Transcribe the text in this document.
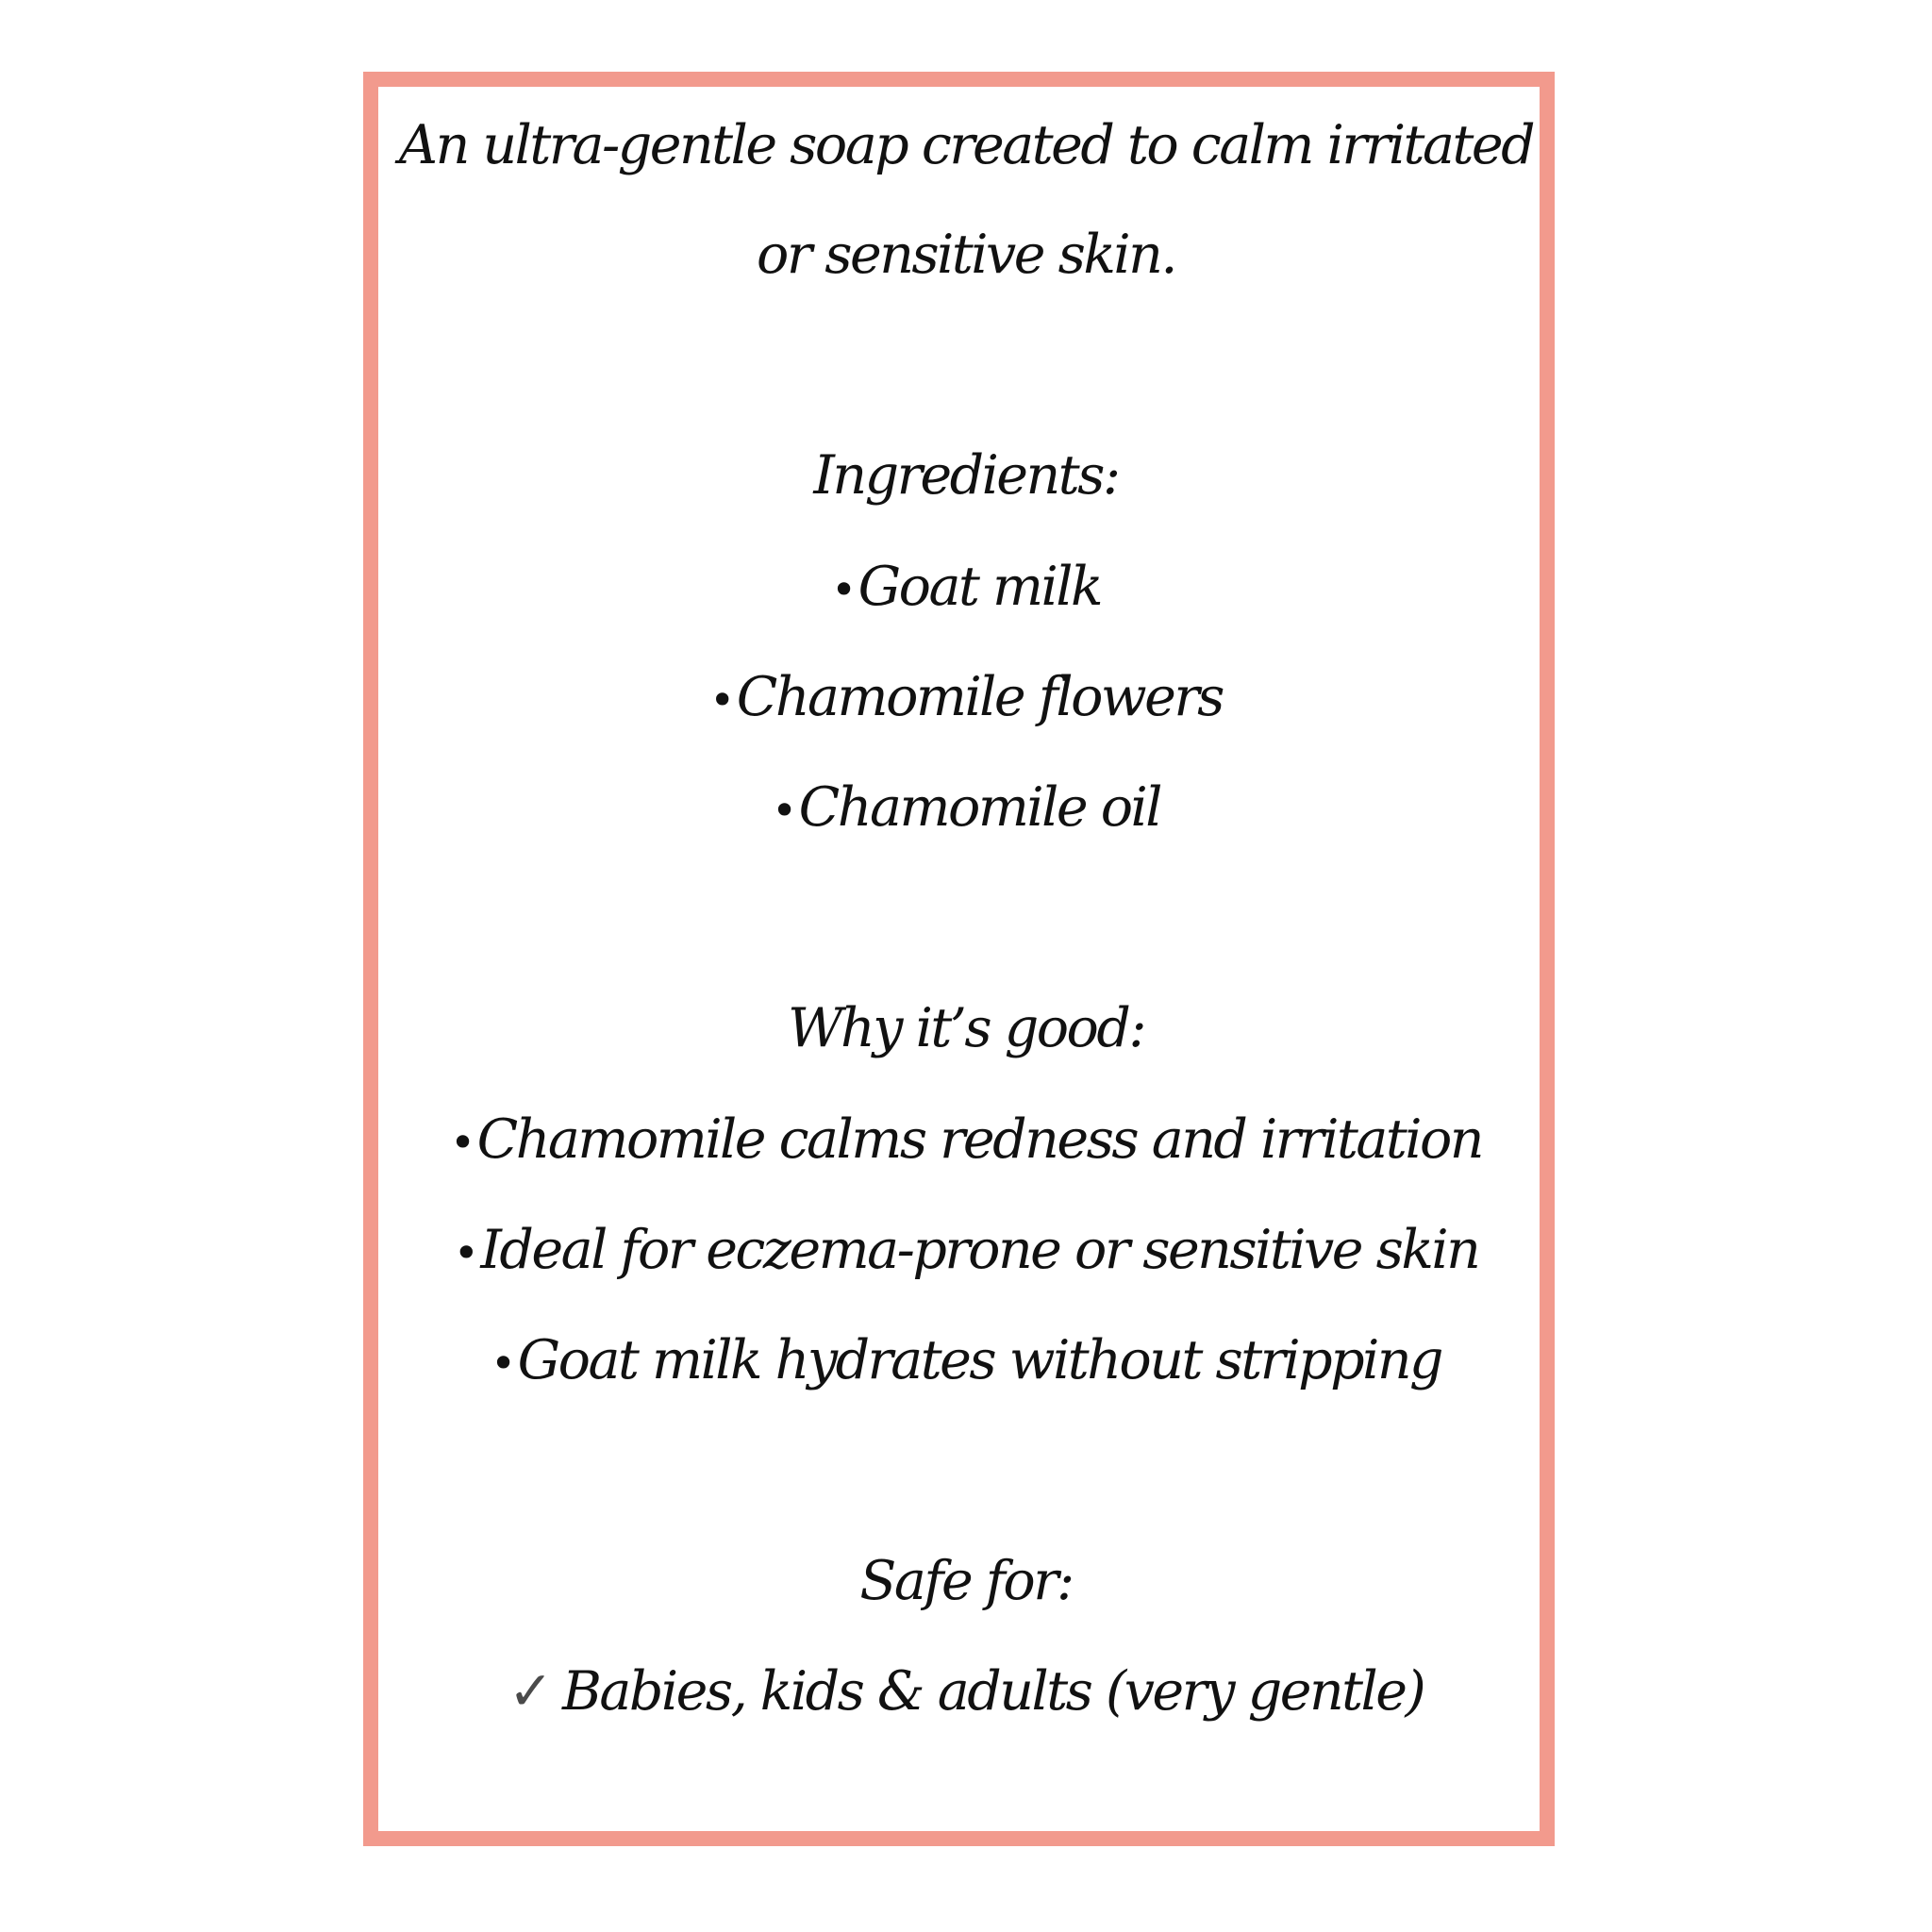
An ultra-gentle soap created to calm irritated
or sensitive skin.
Ingredients:
•Goat milk
•Chamomile flowers
•Chamomile oil
Why it’s good:
•Chamomile calms redness and irritation
•Ideal for eczema-prone or sensitive skin
•Goat milk hydrates without stripping
Safe for:
✓ Babies, kids & adults (very gentle)
